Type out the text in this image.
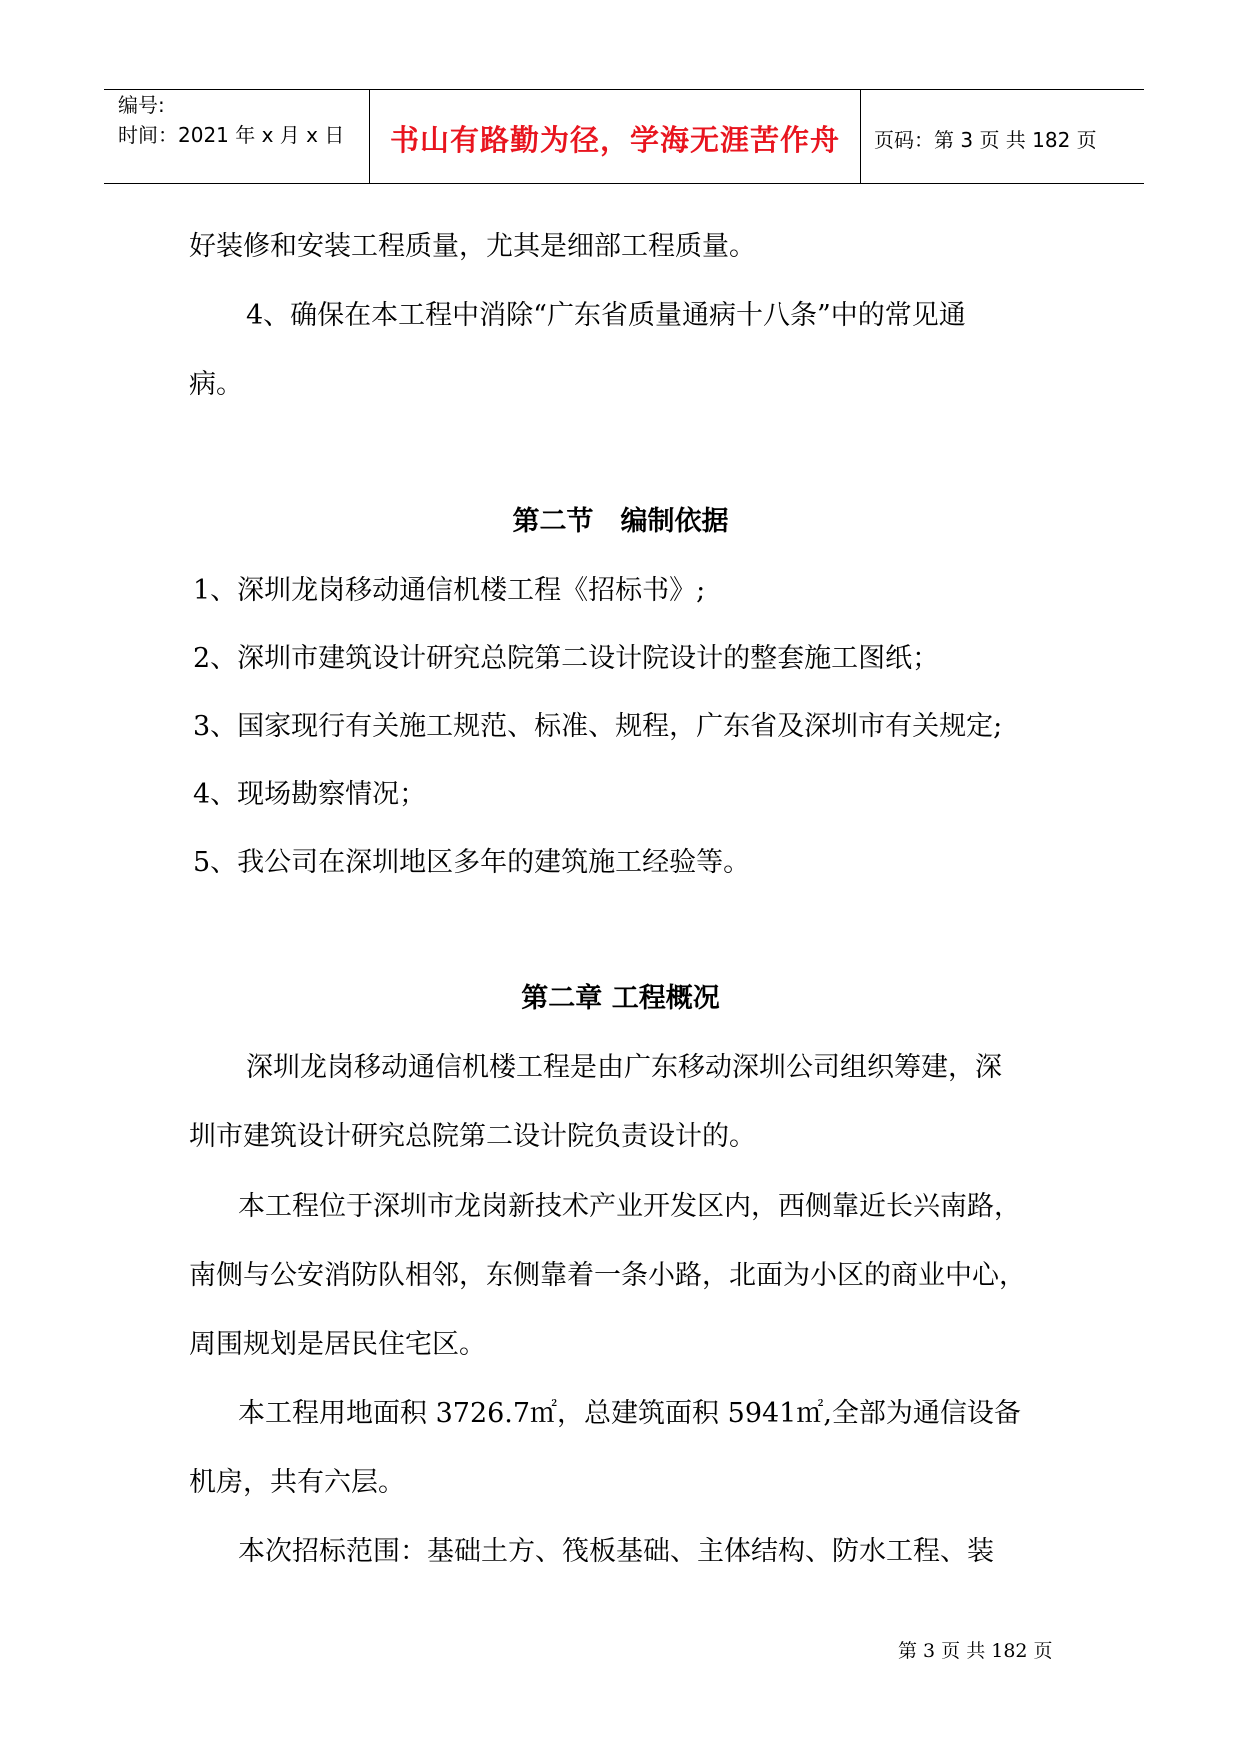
编号:
时间：2021 年 x 月 x 日	书山有路勤为径，学海无涯苦作舟	页码：第 3 页 共 182 页
好装修和安装工程质量，尤其是细部工程质量。
4、确保在本工程中消除“广东省质量通病十八条”中的常见通
病。
第二节　编制依据
1、深圳龙岗移动通信机楼工程《招标书》;
2、深圳市建筑设计研究总院第二设计院设计的整套施工图纸；
3、国家现行有关施工规范、标准、规程，广东省及深圳市有关规定;
4、现场勘察情况；
5、我公司在深圳地区多年的建筑施工经验等。
第二章 工程概况
深圳龙岗移动通信机楼工程是由广东移动深圳公司组织筹建，深
圳市建筑设计研究总院第二设计院负责设计的。
本工程位于深圳市龙岗新技术产业开发区内，西侧靠近长兴南路，
南侧与公安消防队相邻，东侧靠着一条小路，北面为小区的商业中心，
周围规划是居民住宅区。
本工程用地面积 3726.7㎡，总建筑面积 5941㎡,全部为通信设备
机房，共有六层。
本次招标范围：基础土方、筏板基础、主体结构、防水工程、装
第 3 页 共 182 页
